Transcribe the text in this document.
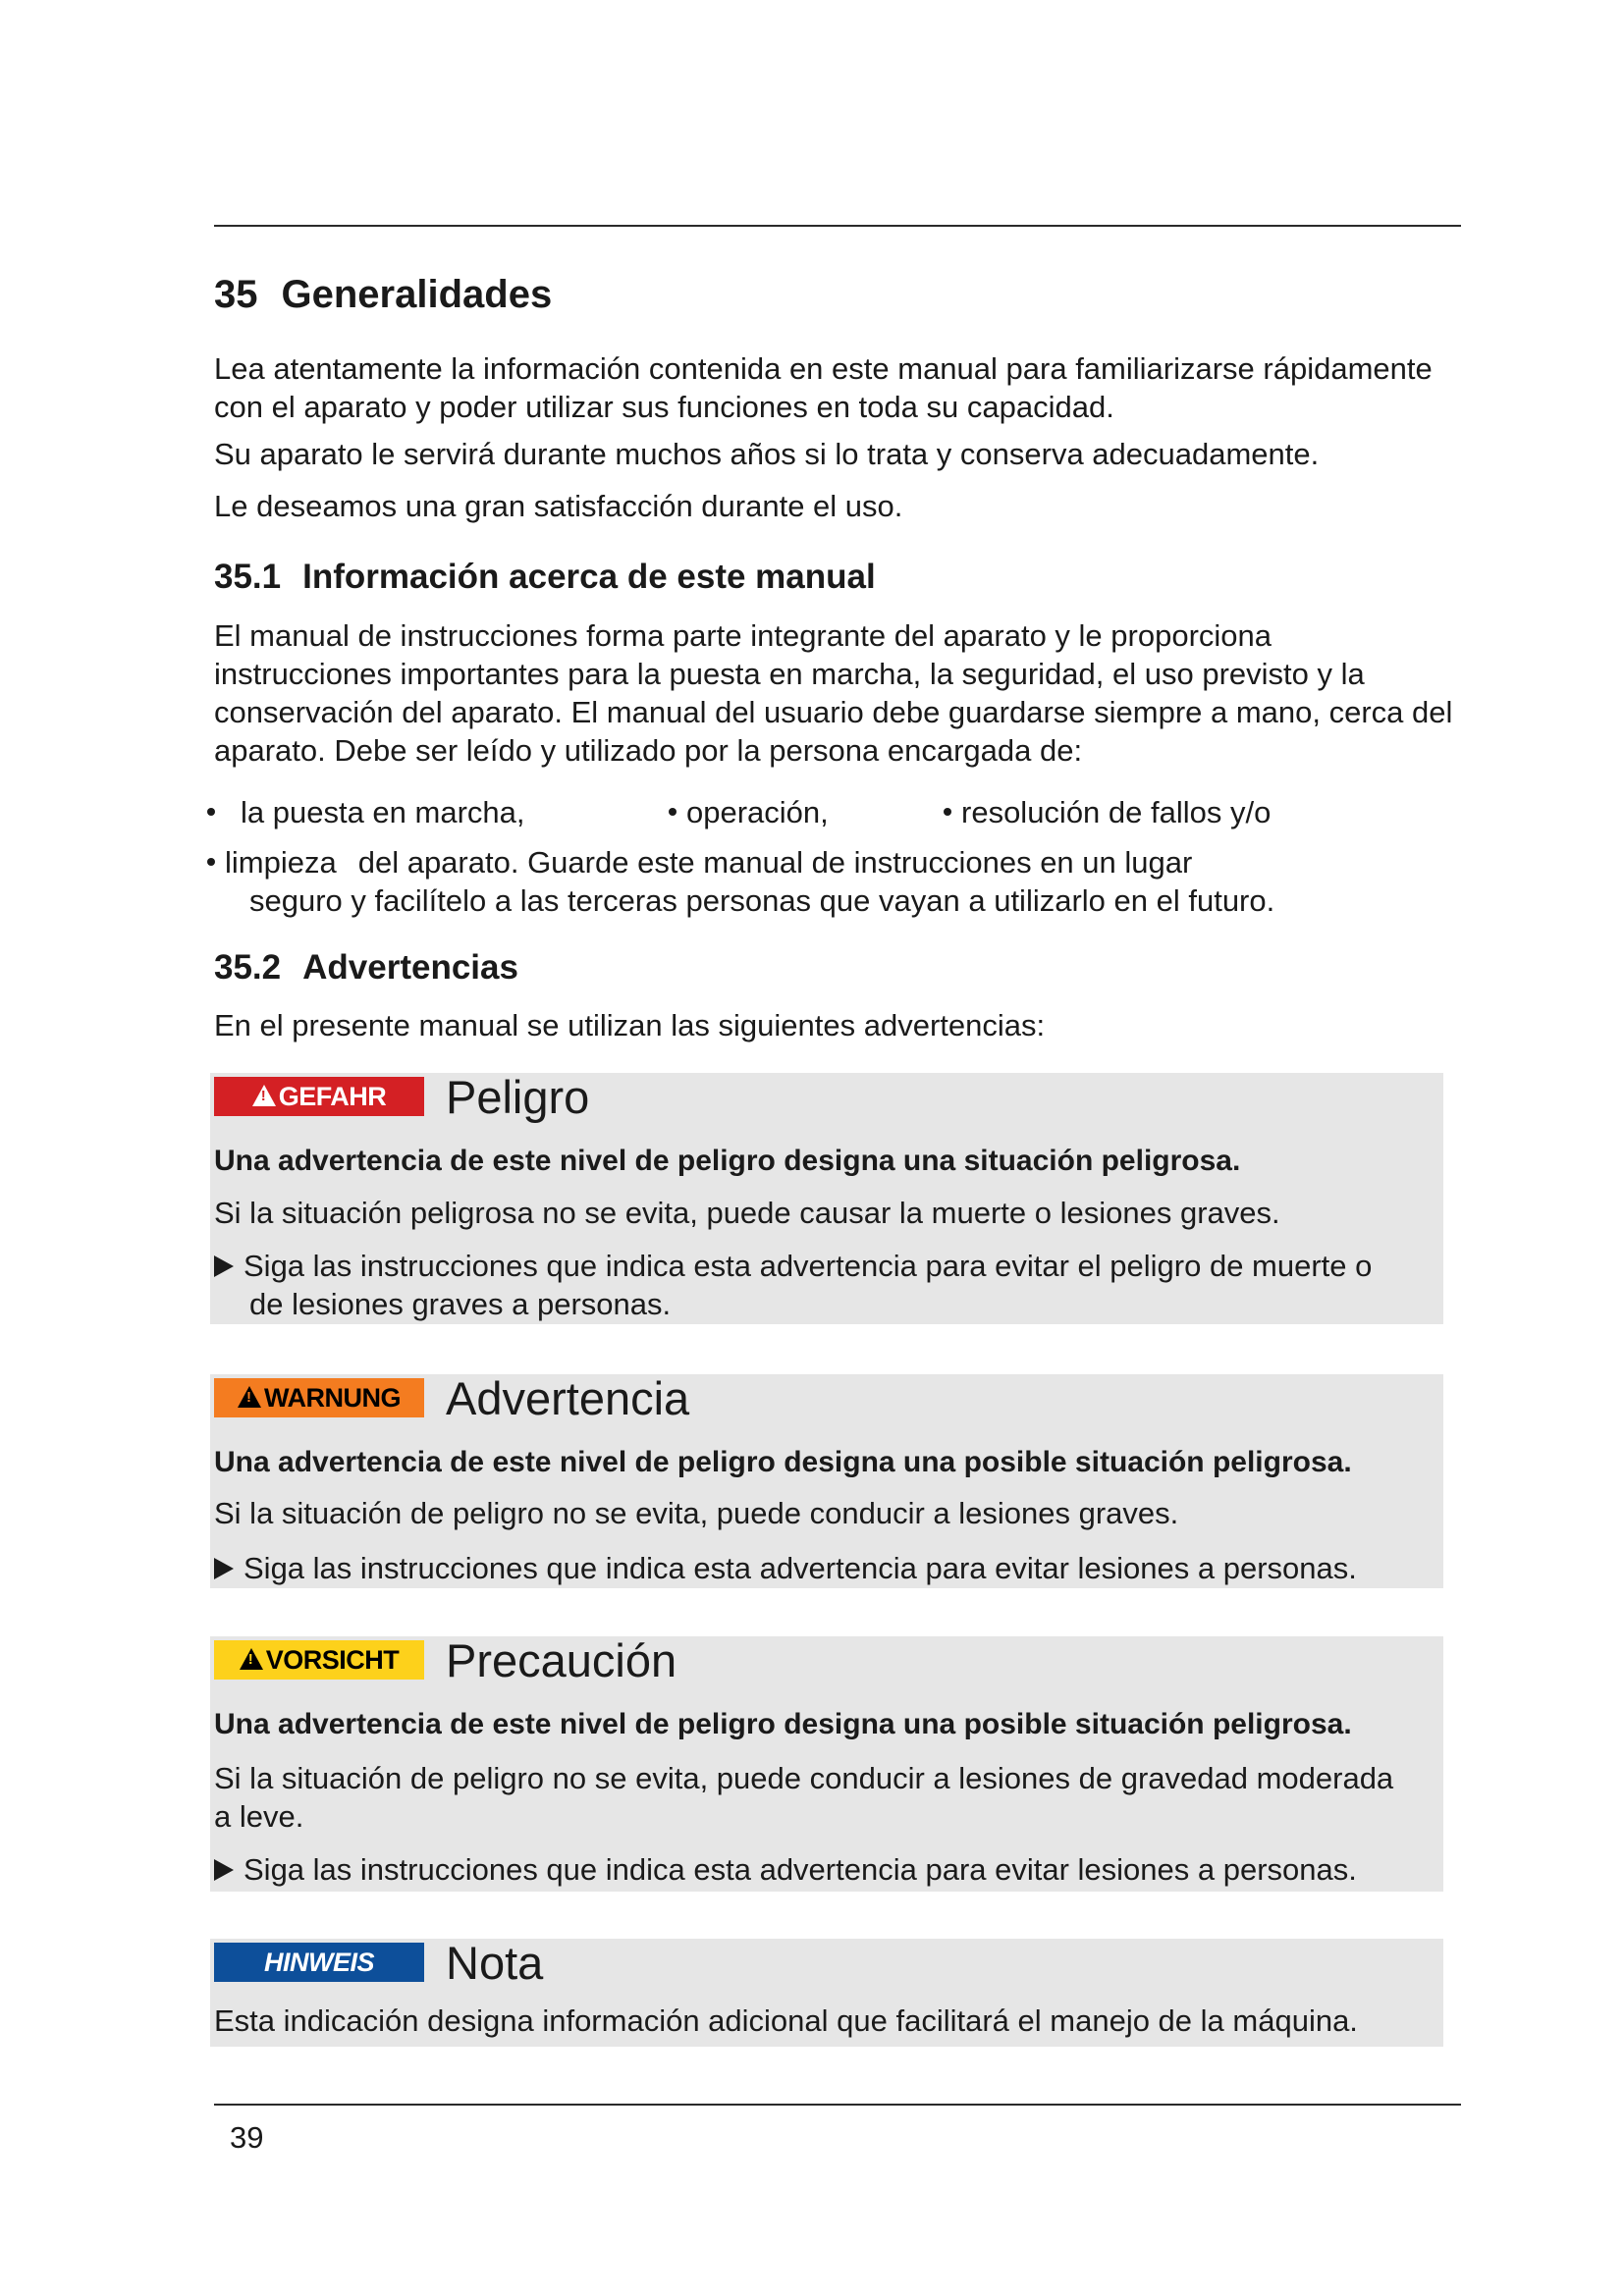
35 Generalidades

Lea atentamente la información contenida en este manual para familiarizarse rápidamente con el aparato y poder utilizar sus funciones en toda su capacidad.

Su aparato le servirá durante muchos años si lo trata y conserva adecuadamente.

Le deseamos una gran satisfacción durante el uso.

35.1 Información acerca de este manual

El manual de instrucciones forma parte integrante del aparato y le proporciona instrucciones importantes para la puesta en marcha, la seguridad, el uso previsto y la conservación del aparato. El manual del usuario debe guardarse siempre a mano, cerca del aparato. Debe ser leído y utilizado por la persona encargada de:

la puesta en marcha,	operación,	resolución de fallos y/o
limpieza del aparato. Guarde este manual de instrucciones en un lugar
seguro y facilítelo a las terceras personas que vayan a utilizarlo en el futuro.
35.2 Advertencias

En el presente manual se utilizan las siguientes advertencias:

!
GEFAHR Peligro
Una advertencia de este nivel de peligro designa una situación peligrosa.
Si la situación peligrosa no se evita, puede causar la muerte o lesiones graves.
Siga las instrucciones que indica esta advertencia para evitar el peligro de muerte o
de lesiones graves a personas.
!
WARNUNG Advertencia
Una advertencia de este nivel de peligro designa una posible situación peligrosa.
Si la situación de peligro no se evita, puede conducir a lesiones graves.
Siga las instrucciones que indica esta advertencia para evitar lesiones a personas.
!
VORSICHT Precaución
Una advertencia de este nivel de peligro designa una posible situación peligrosa.
Si la situación de peligro no se evita, puede conducir a lesiones de gravedad moderada
a leve.
Siga las instrucciones que indica esta advertencia para evitar lesiones a personas.
HINWEIS	Nota
Esta indicación designa información adicional que facilitará el manejo de la máquina.
39
